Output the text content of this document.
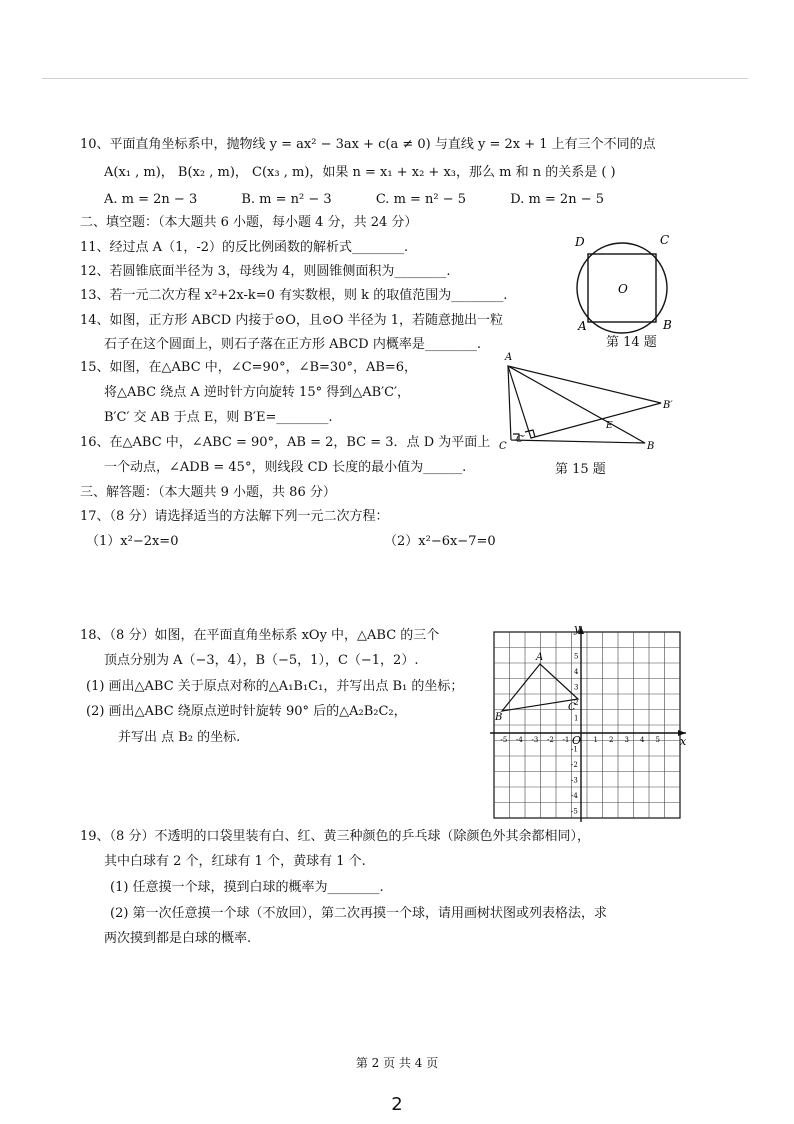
10、平面直角坐标系中，抛物线 y = ax² − 3ax + c(a ≠ 0) 与直线 y = 2x + 1 上有三个不同的点
A(x₁ , m)， B(x₂ , m)， C(x₃ , m)，如果 n = x₁ + x₂ + x₃，那么 m 和 n 的关系是 ( )
A. m = 2n − 3	B. m = n² − 3	C. m = n² − 5	D. m = 2n − 5
二、填空题：（本大题共 6 小题，每小题 4 分，共 24 分）
11、经过点 A（1，-2）的反比例函数的解析式________.
12、若圆锥底面半径为 3，母线为 4，则圆锥侧面积为________.
13、若一元二次方程 x²+2x-k=0 有实数根，则 k 的取值范围为________.
14、如图，正方形 ABCD 内接于⊙O，且⊙O 半径为 1，若随意抛出一粒
石子在这个圆面上，则石子落在正方形 ABCD 内概率是________.
15、如图，在△ABC 中，∠C=90°，∠B=30°，AB=6，
将△ABC 绕点 A 逆时针方向旋转 15° 得到△AB′C′，
B′C′ 交 AB 于点 E，则 B′E=________.
16、在△ABC 中，∠ABC = 90°，AB = 2，BC = 3．点 D 为平面上
一个动点，∠ADB = 45°，则线段 CD 长度的最小值为______.
三、解答题：（本大题共 9 小题，共 86 分）
17、（8 分）请选择适当的方法解下列一元二次方程：
（1）x²−2x=0	（2）x²−6x−7=0
18、（8 分）如图，在平面直角坐标系 xOy 中，△ABC 的三个
顶点分别为 A（−3，4），B（−5，1），C（−1，2）.
(1) 画出△ABC 关于原点对称的△A₁B₁C₁，并写出点 B₁ 的坐标；
(2) 画出△ABC 绕原点逆时针旋转 90° 后的△A₂B₂C₂，
并写出 点 B₂ 的坐标.
19、（8 分）不透明的口袋里装有白、红、黄三种颜色的乒乓球（除颜色外其余都相同），
其中白球有 2 个，红球有 1 个，黄球有 1 个.
(1) 任意摸一个球，摸到白球的概率为________.
(2) 第一次任意摸一个球（不放回），第二次再摸一个球，请用画树状图或列表格法，求
两次摸到都是白球的概率.
D	C
A	B
O
第 14 题
A
C
C′
B
B′
E
第 15 题
x
y
O
A
B
C
-5 -4 -3 -2 -1	1 2 3 4 5
5
4
3
2
1
-1
-2
-3
-4
-5
第 2 页 共 4 页
2
